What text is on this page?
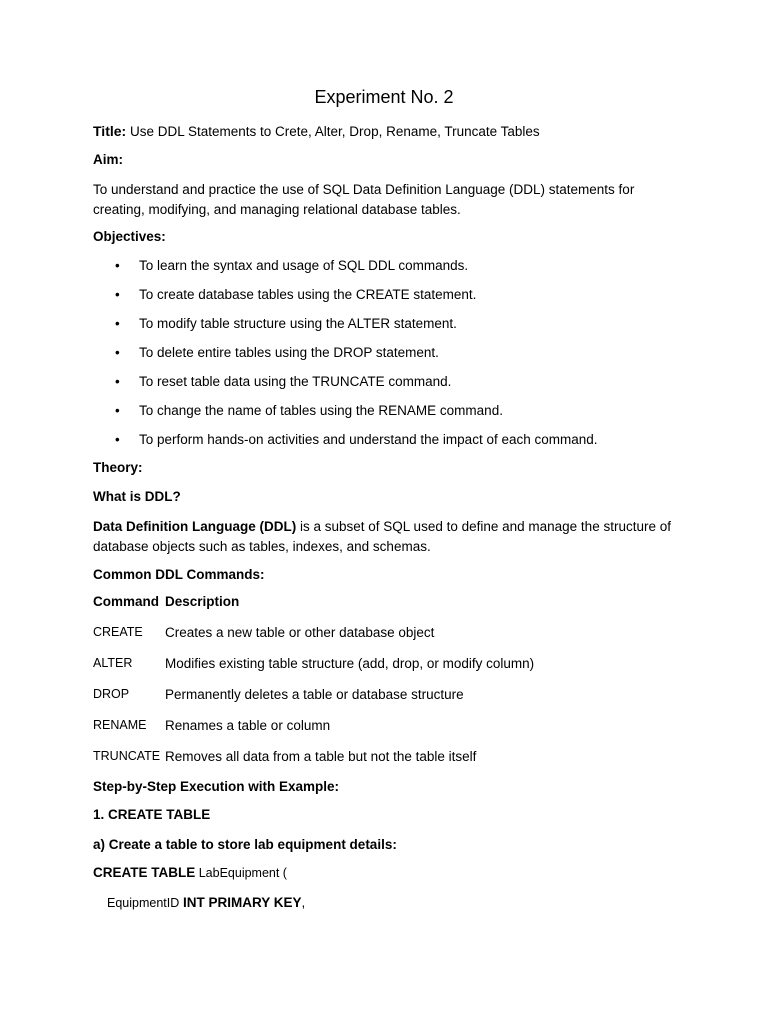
Experiment No. 2
Title: Use DDL Statements to Crete, Alter, Drop, Rename, Truncate Tables
Aim:
To understand and practice the use of SQL Data Definition Language (DDL) statements for creating, modifying, and managing relational database tables.
Objectives:
• To learn the syntax and usage of SQL DDL commands.
• To create database tables using the CREATE statement.
• To modify table structure using the ALTER statement.
• To delete entire tables using the DROP statement.
• To reset table data using the TRUNCATE command.
• To change the name of tables using the RENAME command.
• To perform hands-on activities and understand the impact of each command.
Theory:
What is DDL?
Data Definition Language (DDL) is a subset of SQL used to define and manage the structure of database objects such as tables, indexes, and schemas.
Common DDL Commands:
Command	Description
CREATE	Creates a new table or other database object
ALTER	Modifies existing table structure (add, drop, or modify column)
DROP	Permanently deletes a table or database structure
RENAME	Renames a table or column
TRUNCATE	Removes all data from a table but not the table itself
Step-by-Step Execution with Example:
1. CREATE TABLE
a) Create a table to store lab equipment details:
CREATE TABLE LabEquipment (
EquipmentID INT PRIMARY KEY,
